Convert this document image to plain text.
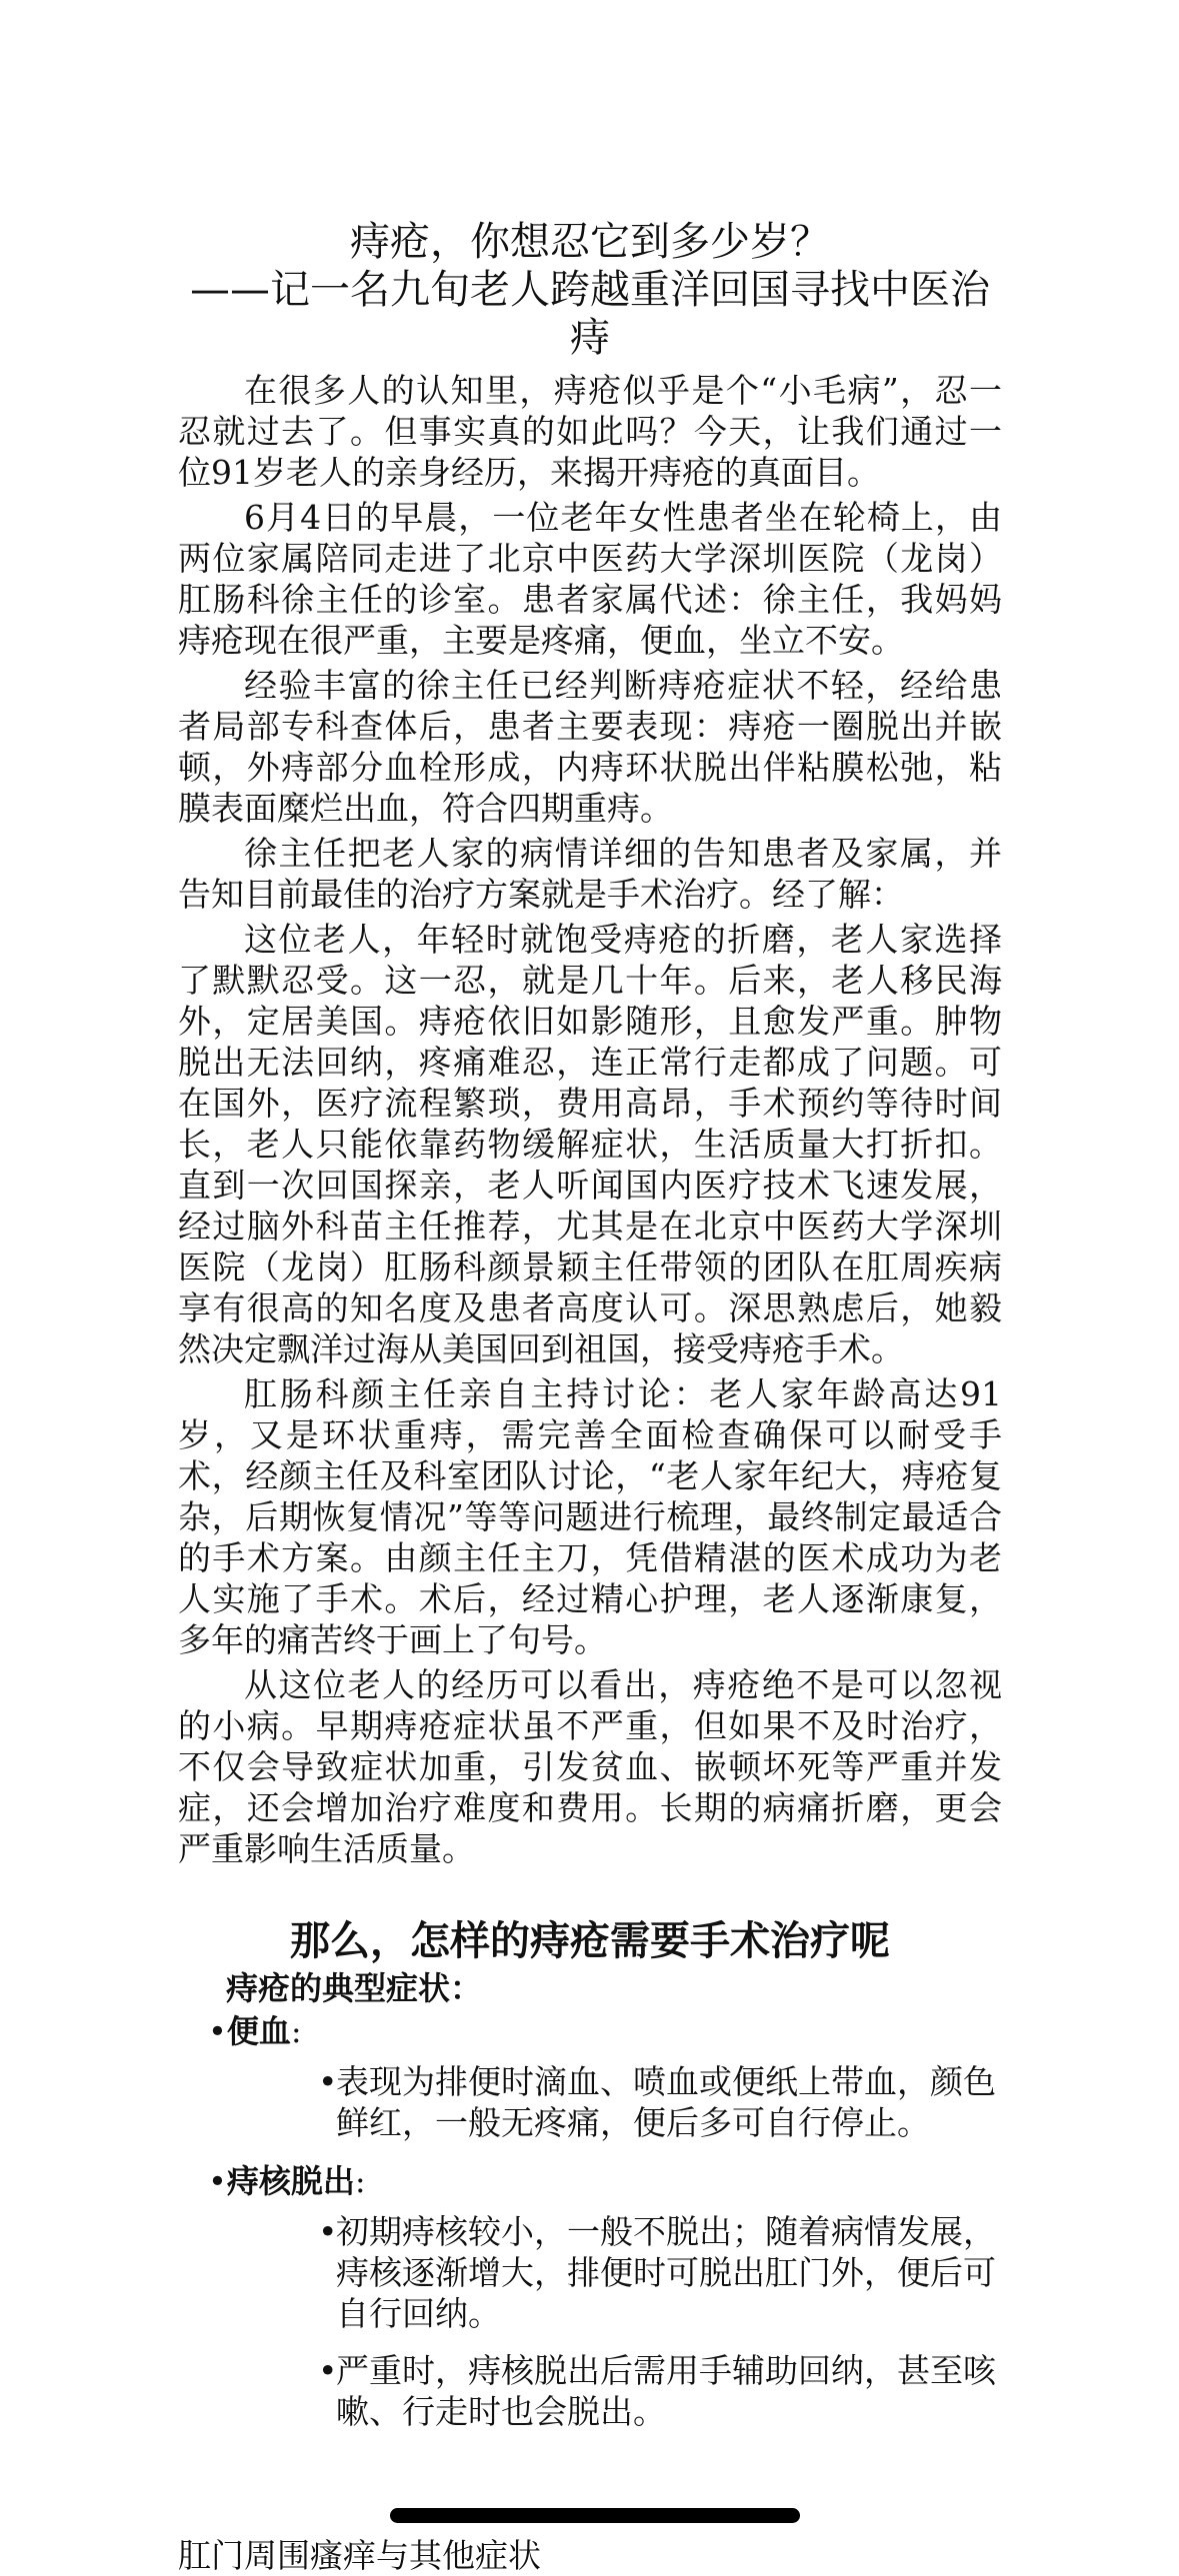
痔疮，你想忍它到多少岁？
——记一名九旬老人跨越重洋回国寻找中医治痔

在很多人的认知里，痔疮似乎是个“小毛病”，忍一忍就过去了。但事实真的如此吗？今天，让我们通过一位91岁老人的亲身经历，来揭开痔疮的真面目。

6月4日的早晨，一位老年女性患者坐在轮椅上，由两位家属陪同走进了北京中医药大学深圳医院（龙岗）肛肠科徐主任的诊室。患者家属代述：徐主任，我妈妈痔疮现在很严重，主要是疼痛，便血，坐立不安。

经验丰富的徐主任已经判断痔疮症状不轻，经给患者局部专科查体后，患者主要表现：痔疮一圈脱出并嵌顿，外痔部分血栓形成，内痔环状脱出伴粘膜松弛，粘膜表面糜烂出血，符合四期重痔。

徐主任把老人家的病情详细的告知患者及家属，并告知目前最佳的治疗方案就是手术治疗。经了解：

这位老人，年轻时就饱受痔疮的折磨，老人家选择了默默忍受。这一忍，就是几十年。后来，老人移民海外，定居美国。痔疮依旧如影随形，且愈发严重。肿物脱出无法回纳，疼痛难忍，连正常行走都成了问题。可在国外，医疗流程繁琐，费用高昂，手术预约等待时间长，老人只能依靠药物缓解症状，生活质量大打折扣。直到一次回国探亲，老人听闻国内医疗技术飞速发展，经过脑外科苗主任推荐，尤其是在北京中医药大学深圳医院（龙岗）肛肠科颜景颖主任带领的团队在肛周疾病享有很高的知名度及患者高度认可。深思熟虑后，她毅然决定飘洋过海从美国回到祖国，接受痔疮手术。

肛肠科颜主任亲自主持讨论：老人家年龄高达91岁，又是环状重痔，需完善全面检查确保可以耐受手术，经颜主任及科室团队讨论，“老人家年纪大，痔疮复杂，后期恢复情况”等等问题进行梳理，最终制定最适合的手术方案。由颜主任主刀，凭借精湛的医术成功为老人实施了手术。术后，经过精心护理，老人逐渐康复，多年的痛苦终于画上了句号。

从这位老人的经历可以看出，痔疮绝不是可以忽视的小病。早期痔疮症状虽不严重，但如果不及时治疗，不仅会导致症状加重，引发贫血、嵌顿坏死等严重并发症，还会增加治疗难度和费用。长期的病痛折磨，更会严重影响生活质量。

那么，怎样的痔疮需要手术治疗呢
痔疮的典型症状：
•便血:
•
表现为排便时滴血、喷血或便纸上带血，颜色鲜红，一般无疼痛，便后多可自行停止。
•痔核脱出:
•
初期痔核较小，一般不脱出；随着病情发展，痔核逐渐增大，排便时可脱出肛门外，便后可自行回纳。
•
严重时，痔核脱出后需用手辅助回纳，甚至咳嗽、行走时也会脱出。
肛门周围瘙痒与其他症状
